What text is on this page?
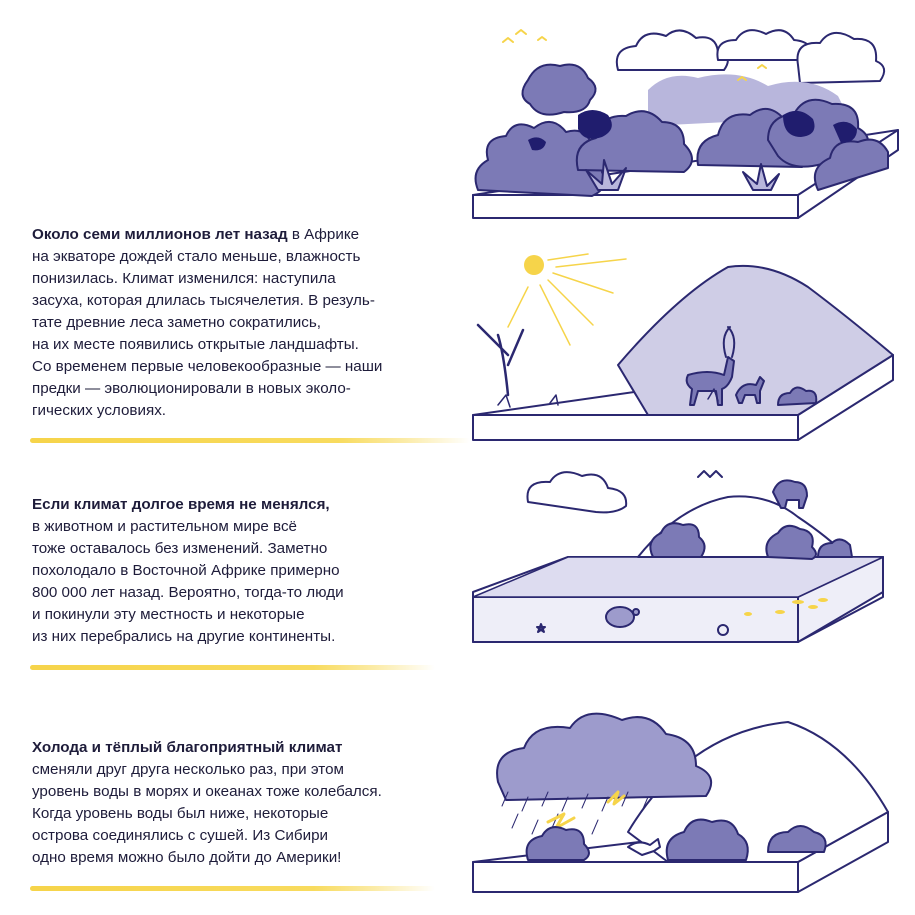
Около семи миллионов лет назад в Африке

на экваторе дождей стало меньше, влажность

понизилась. Климат изменился: наступила

засуха, которая длилась тысячелетия. В резуль-

тате древние леса заметно сократились,

на их месте появились открытые ландшафты.

Со временем первые человекообразные — наши

предки — эволюционировали в новых эколо-

гических условиях.

Если климат долгое время не менялся,

в животном и растительном мире всё

тоже оставалось без изменений. Заметно

похолодало в Восточной Африке примерно

800 000 лет назад. Вероятно, тогда-то люди

и покинули эту местность и некоторые

из них перебрались на другие континенты.

Холода и тёплый благоприятный климат

сменяли друг друга несколько раз, при этом

уровень воды в морях и океанах тоже колебался.

Когда уровень воды был ниже, некоторые

острова соединялись с сушей. Из Сибири

одно время можно было дойти до Америки!
